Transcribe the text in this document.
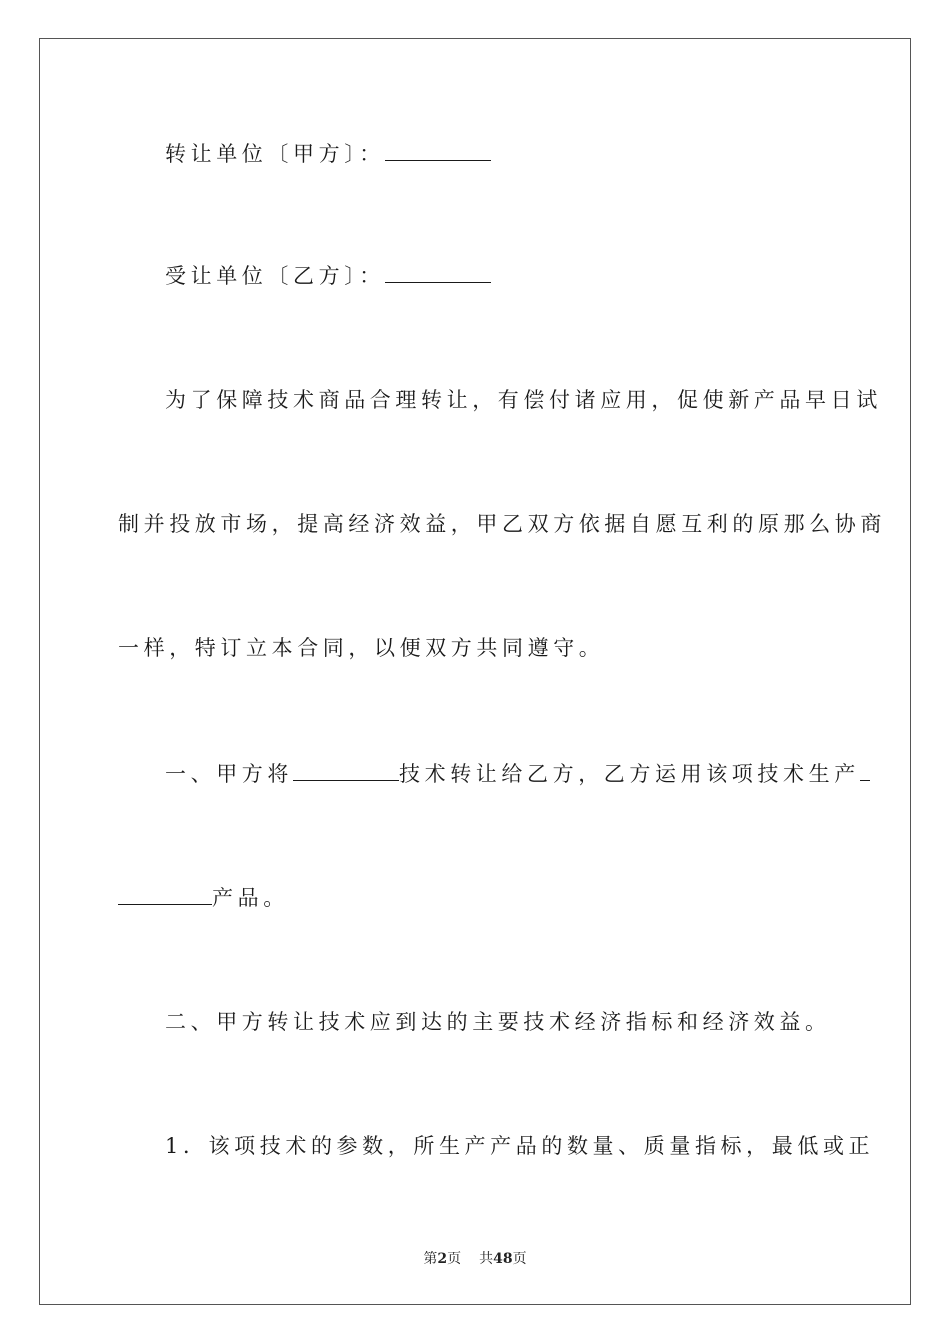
转让单位〔甲方〕：
受让单位〔乙方〕：
为了保障技术商品合理转让，有偿付诸应用，促使新产品早日试
制并投放市场，提高经济效益，甲乙双方依据自愿互利的原那么协商
一样，特订立本合同，以便双方共同遵守。
一、甲方将	技术转让给乙方，乙方运用该项技术生产
产品。
二、甲方转让技术应到达的主要技术经济指标和经济效益。
1．该项技术的参数，所生产产品的数量、质量指标，最低或正
第2页 共48页
